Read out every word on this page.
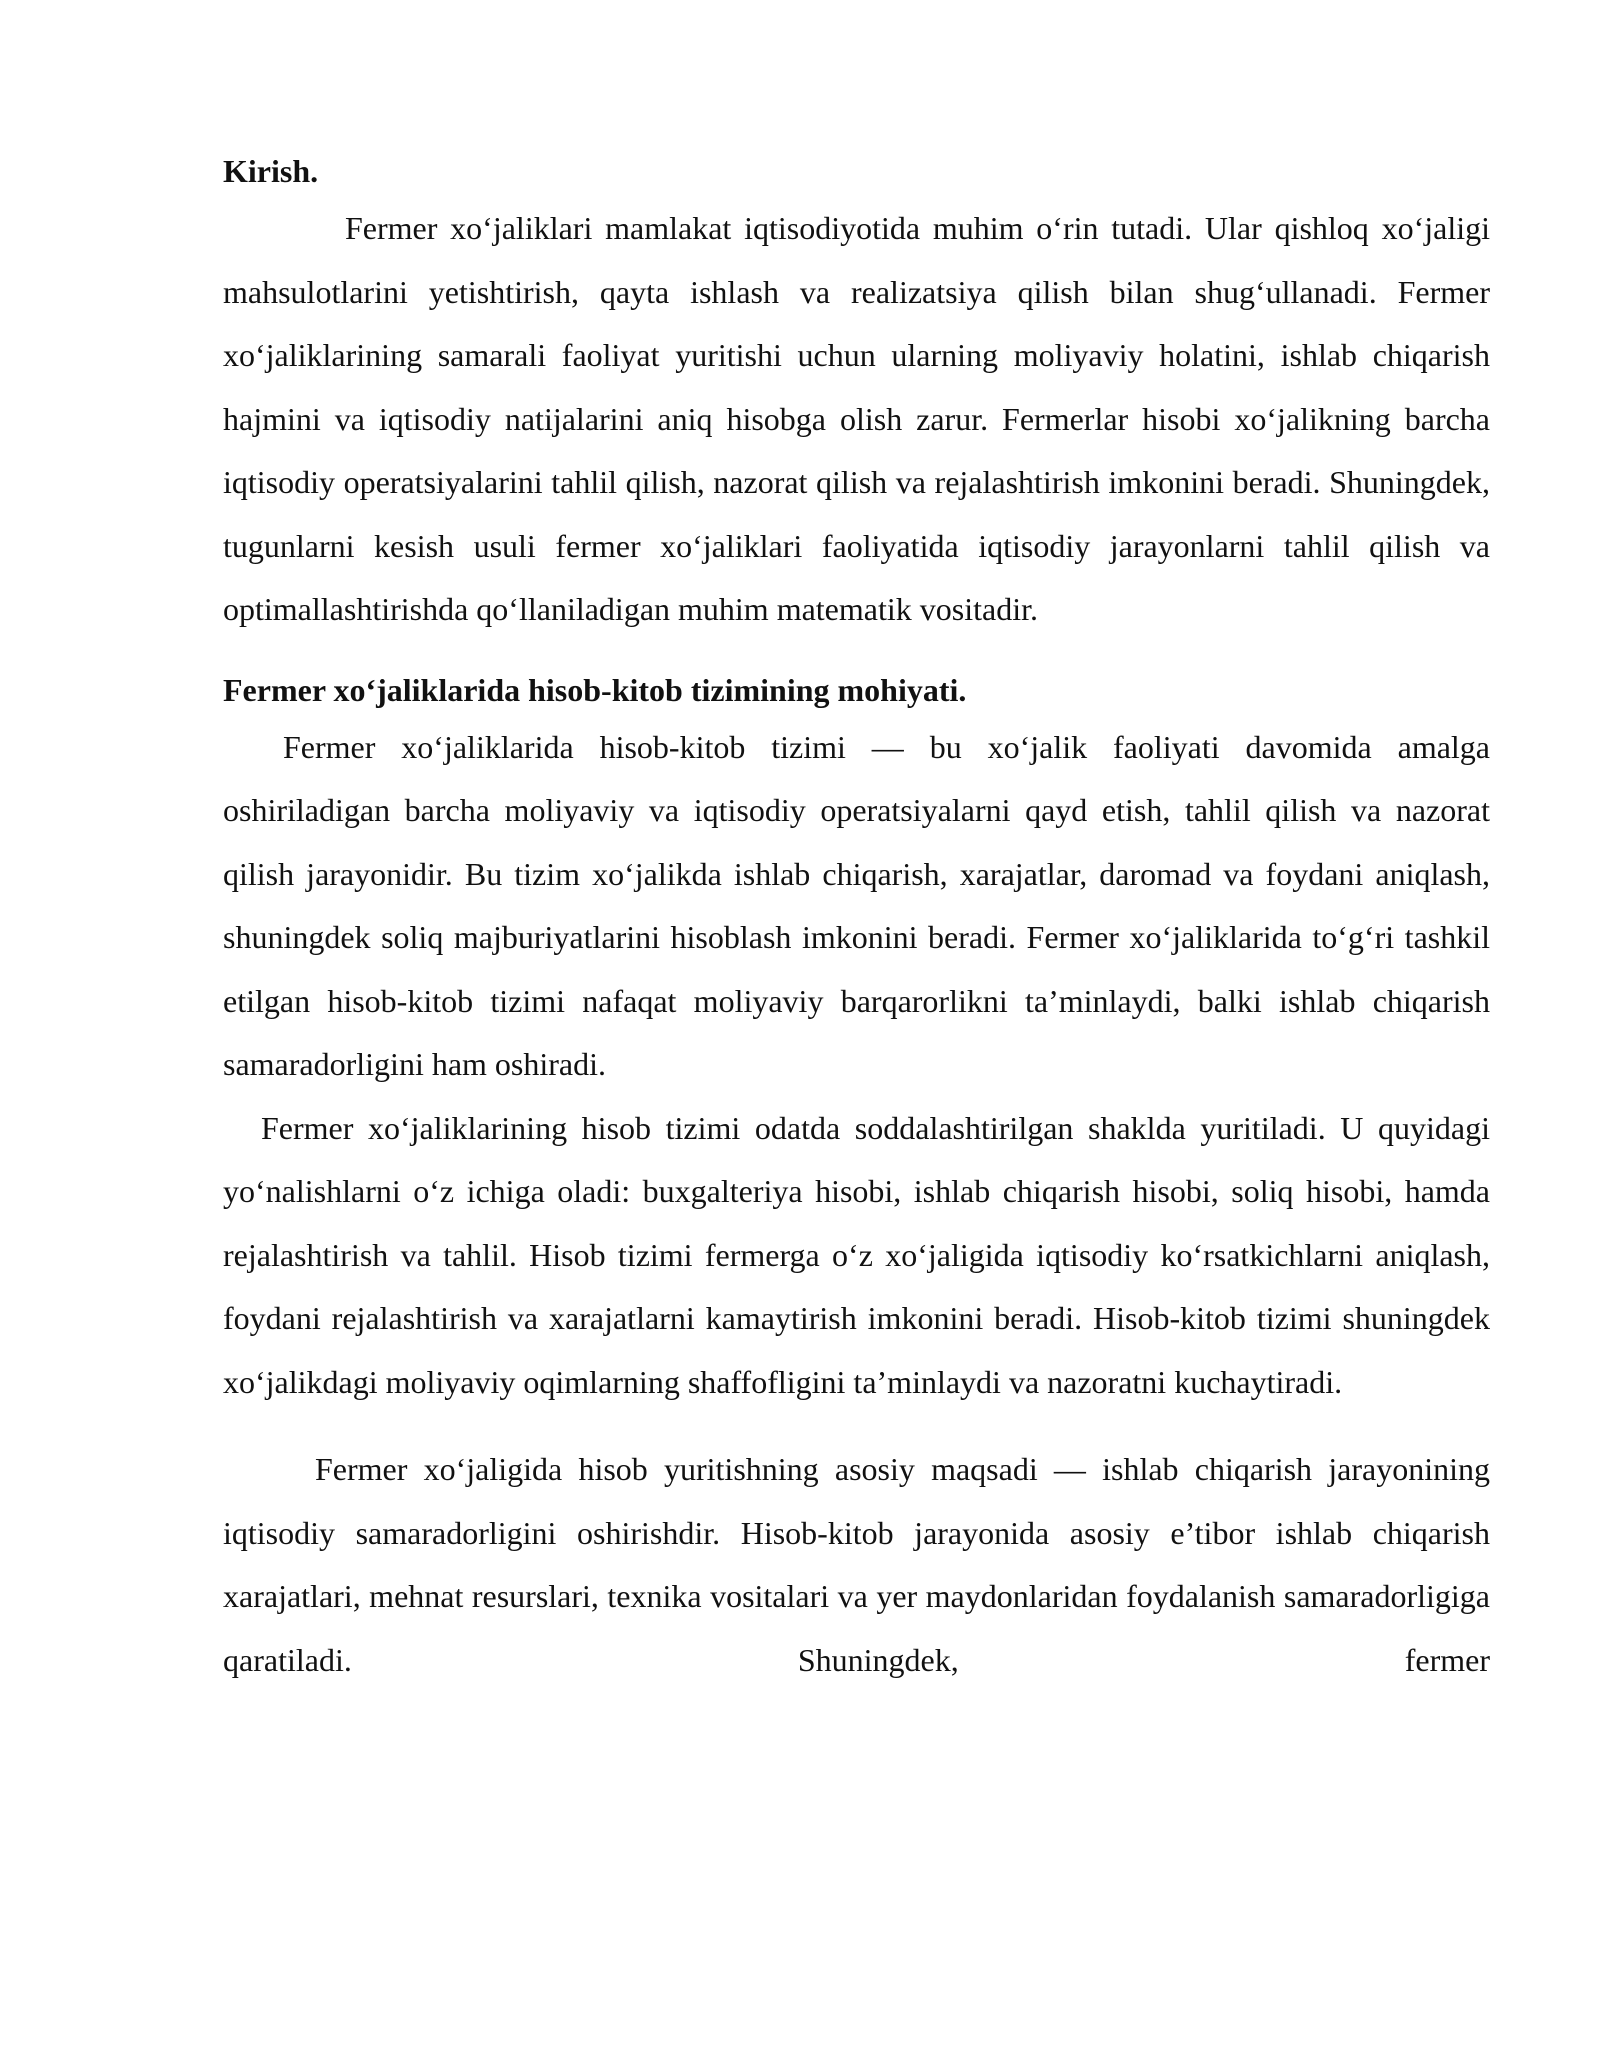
Kirish.

Fermer xo‘jaliklari mamlakat iqtisodiyotida muhim o‘rin tutadi. Ular qishloq xo‘jaligi mahsulotlarini yetishtirish, qayta ishlash va realizatsiya qilish bilan shug‘ullanadi. Fermer xo‘jaliklarining samarali faoliyat yuritishi uchun ularning moliyaviy holatini, ishlab chiqarish hajmini va iqtisodiy natijalarini aniq hisobga olish zarur. Fermerlar hisobi xo‘jalikning barcha iqtisodiy operatsiyalarini tahlil qilish, nazorat qilish va rejalashtirish imkonini beradi. Shuningdek, tugunlarni kesish usuli fermer xo‘jaliklari faoliyatida iqtisodiy jarayonlarni tahlil qilish va optimallashtirishda qo‘llaniladigan muhim matematik vositadir.

Fermer xo‘jaliklarida hisob-kitob tizimining mohiyati.

Fermer xo‘jaliklarida hisob-kitob tizimi — bu xo‘jalik faoliyati davomida amalga oshiriladigan barcha moliyaviy va iqtisodiy operatsiyalarni qayd etish, tahlil qilish va nazorat qilish jarayonidir. Bu tizim xo‘jalikda ishlab chiqarish, xarajatlar, daromad va foydani aniqlash, shuningdek soliq majburiyatlarini hisoblash imkonini beradi. Fermer xo‘jaliklarida to‘g‘ri tashkil etilgan hisob-kitob tizimi nafaqat moliyaviy barqarorlikni ta’minlaydi, balki ishlab chiqarish samaradorligini ham oshiradi.

Fermer xo‘jaliklarining hisob tizimi odatda soddalashtirilgan shaklda yuritiladi. U quyidagi yo‘nalishlarni o‘z ichiga oladi: buxgalteriya hisobi, ishlab chiqarish hisobi, soliq hisobi, hamda rejalashtirish va tahlil. Hisob tizimi fermerga o‘z xo‘jaligida iqtisodiy ko‘rsatkichlarni aniqlash, foydani rejalashtirish va xarajatlarni kamaytirish imkonini beradi. Hisob-kitob tizimi shuningdek xo‘jalikdagi moliyaviy oqimlarning shaffofligini ta’minlaydi va nazoratni kuchaytiradi.

Fermer xo‘jaligida hisob yuritishning asosiy maqsadi — ishlab chiqarish jarayonining iqtisodiy samaradorligini oshirishdir. Hisob-kitob jarayonida asosiy e’tibor ishlab chiqarish xarajatlari, mehnat resurslari, texnika vositalari va yer maydonlaridan foydalanish samaradorligiga qaratiladi. Shuningdek, fermer
